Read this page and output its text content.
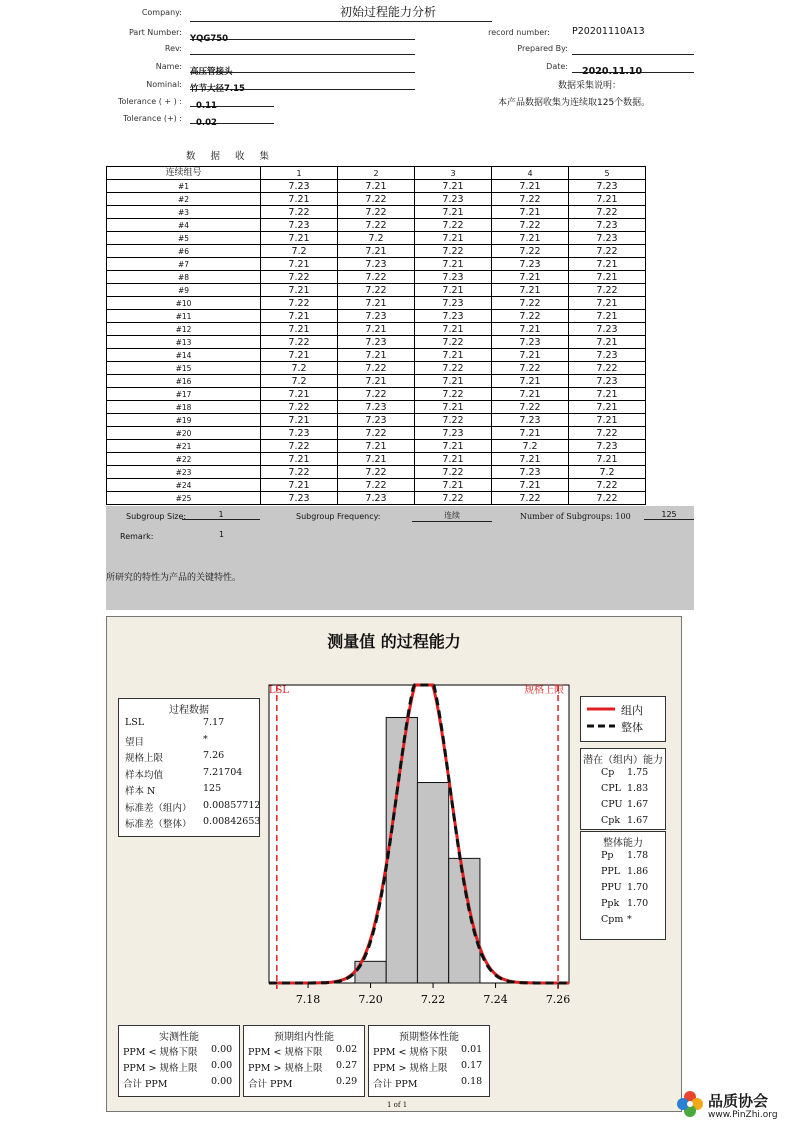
Company:	初始过程能力分析
Part Number:
YQG750
record number: P20201110A13
Rev:	Prepared By:
Name:
高压管接头
Date:	2020.11.10
Nominal: 竹节大径7.15	数据采集说明：
本产品数据收集为连续取125个数据。
Tolerance ( + ) :	0.11
Tolerance (+) :	0.02
数 据 收 集
连续组号	1	2	3	4	5
#1	7.23	7.21	7.21	7.21	7.23
#2	7.21	7.22	7.23	7.22	7.21
#3	7.22	7.22	7.21	7.21	7.22
#4	7.23	7.22	7.22	7.22	7.23
#5	7.21	7.2	7.21	7.21	7.23
#6	7.2	7.21	7.22	7.22	7.22
#7	7.21	7.23	7.21	7.23	7.21
#8	7.22	7.22	7.23	7.21	7.21
#9	7.21	7.22	7.21	7.21	7.22
#10	7.22	7.21	7.23	7.22	7.21
#11	7.21	7.23	7.23	7.22	7.21
#12	7.21	7.21	7.21	7.21	7.23
#13	7.22	7.23	7.22	7.23	7.21
#14	7.21	7.21	7.21	7.21	7.23
#15	7.2	7.22	7.22	7.22	7.22
#16	7.2	7.21	7.21	7.21	7.23
#17	7.21	7.22	7.22	7.21	7.21
#18	7.22	7.23	7.21	7.22	7.21
#19	7.21	7.23	7.22	7.23	7.21
#20	7.23	7.22	7.23	7.21	7.22
#21	7.22	7.21	7.21	7.2	7.23
#22	7.21	7.21	7.21	7.21	7.21
#23	7.22	7.22	7.22	7.23	7.2
#24	7.21	7.22	7.21	7.21	7.22
#25	7.23	7.23	7.22	7.22	7.22
Subgroup Size:	1	Subgroup Frequency:	连续	Number of Subgroups: 100	125
Remark:	1
所研究的特性为产品的关键特性。
测量值 的过程能力
过程数据
LSL	7.17
望目	*
规格上限	7.26
样本均值	7.21704
样本 N	125
标准差（组内） 0.00857712
标准差（整体） 0.00842653
LSL	规格上限
7.18	7.20	7.22	7.24	7.26
组内
整体
潜在（组内）能力
Cp 1.75
CPL 1.83
CPU 1.67
Cpk 1.67
整体能力
Pp 1.78
PPL 1.86
PPU 1.70
Ppk 1.70
Cpm *
实测性能
PPM < 规格下限 0.00
PPM > 规格上限 0.00
合计 PPM	0.00
预期组内性能
PPM < 规格下限 0.02
PPM > 规格上限 0.27
合计 PPM	0.29
预期整体性能
PPM < 规格下限 0.01
PPM > 规格上限 0.17
合计 PPM	0.18
1 of 1	品质协会
www.PinZhi.org
